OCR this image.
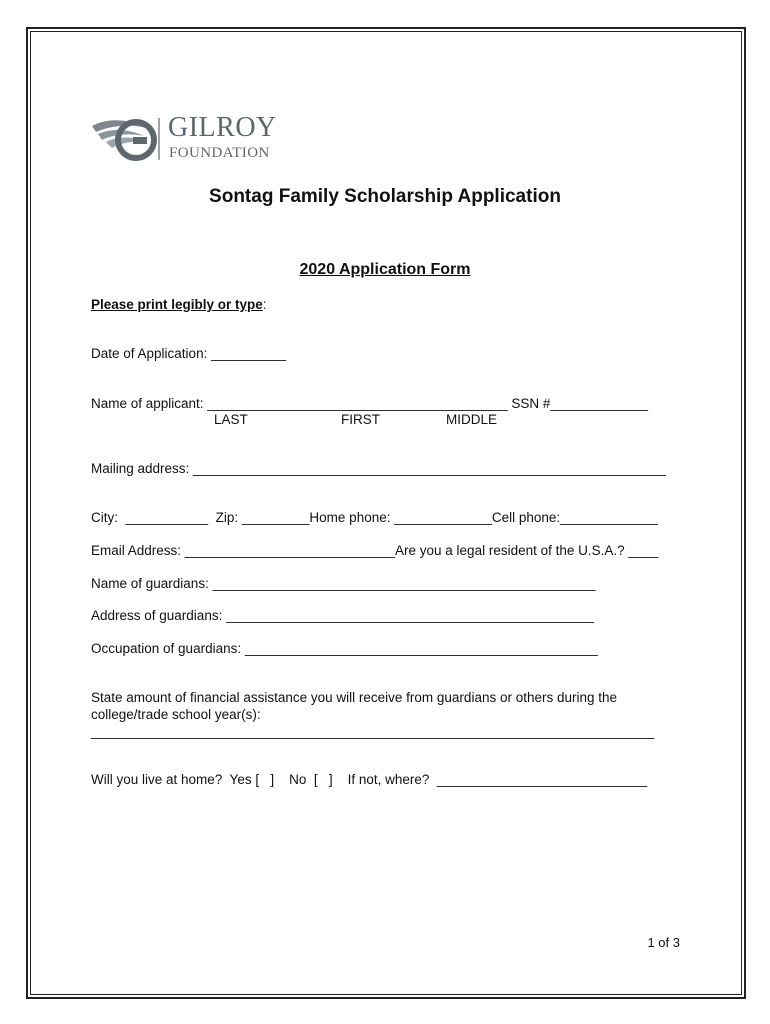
GILROY
FOUNDATION
Sontag Family Scholarship Application
2020 Application Form
Please print legibly or type:
Date of Application: __________
Name of applicant: ________________________________________ SSN #_____________
LAST	FIRST	MIDDLE
Mailing address: _______________________________________________________________
City:  ___________  Zip: _________Home phone: _____________Cell phone:_____________
Email Address: ____________________________Are you a legal resident of the U.S.A.? ____
Name of guardians: ___________________________________________________
Address of guardians: _________________________________________________
Occupation of guardians: _______________________________________________
State amount of financial assistance you will receive from guardians or others during the
college/trade school year(s):
___________________________________________________________________________
Will you live at home?  Yes [   ]    No  [   ]    If not, where?  ____________________________
1 of 3
